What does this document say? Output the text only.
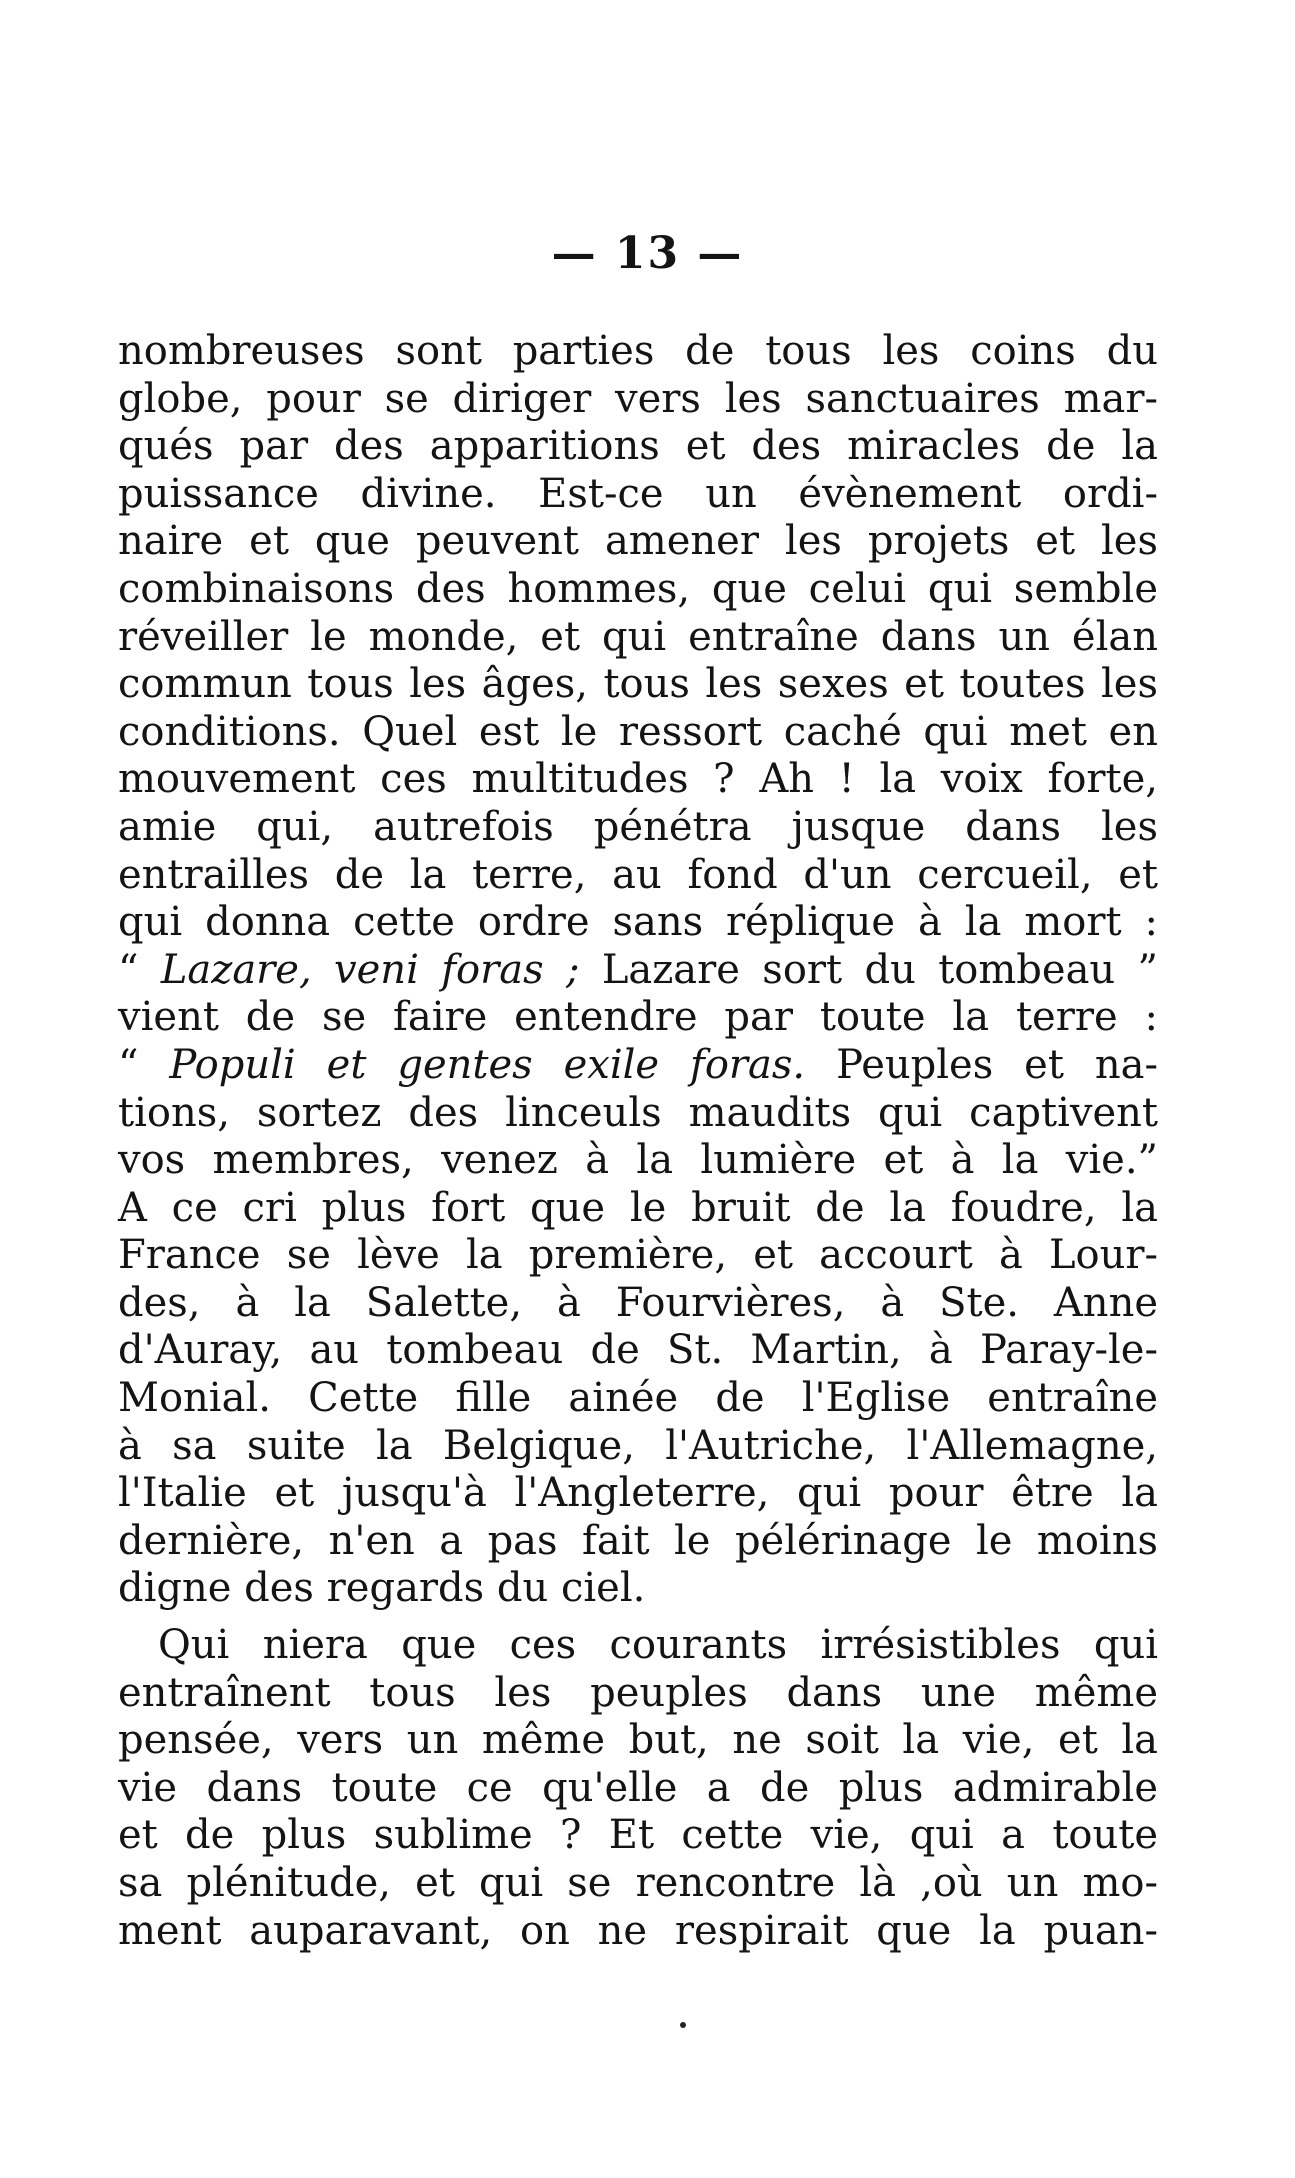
— 13 —
nombreuses sont parties de tous les coins du
globe, pour se diriger vers les sanctuaires mar-
qués par des apparitions et des miracles de la
puissance divine. Est-ce un évènement ordi-
naire et que peuvent amener les projets et les
combinaisons des hommes, que celui qui semble
réveiller le monde, et qui entraîne dans un élan
commun tous les âges, tous les sexes et toutes les
conditions. Quel est le ressort caché qui met en
mouvement ces multitudes ? Ah ! la voix forte,
amie qui, autrefois pénétra jusque dans les
entrailles de la terre, au fond d'un cercueil, et
qui donna cette ordre sans réplique à la mort :
“ Lazare, veni foras ; Lazare sort du tombeau ”
vient de se faire entendre par toute la terre :
“ Populi et gentes exile foras. Peuples et na-
tions, sortez des linceuls maudits qui captivent
vos membres, venez à la lumière et à la vie.”
A ce cri plus fort que le bruit de la foudre, la
France se lève la première, et accourt à Lour-
des, à la Salette, à Fourvières, à Ste. Anne
d'Auray, au tombeau de St. Martin, à Paray-le-
Monial. Cette fille ainée de l'Eglise entraîne
à sa suite la Belgique, l'Autriche, l'Allemagne,
l'Italie et jusqu'à l'Angleterre, qui pour être la
dernière, n'en a pas fait le pélérinage le moins
digne des regards du ciel.
Qui niera que ces courants irrésistibles qui
entraînent tous les peuples dans une même
pensée, vers un même but, ne soit la vie, et la
vie dans toute ce qu'elle a de plus admirable
et de plus sublime ? Et cette vie, qui a toute
sa plénitude, et qui se rencontre là ,où un mo-
ment auparavant, on ne respirait que la puan-
